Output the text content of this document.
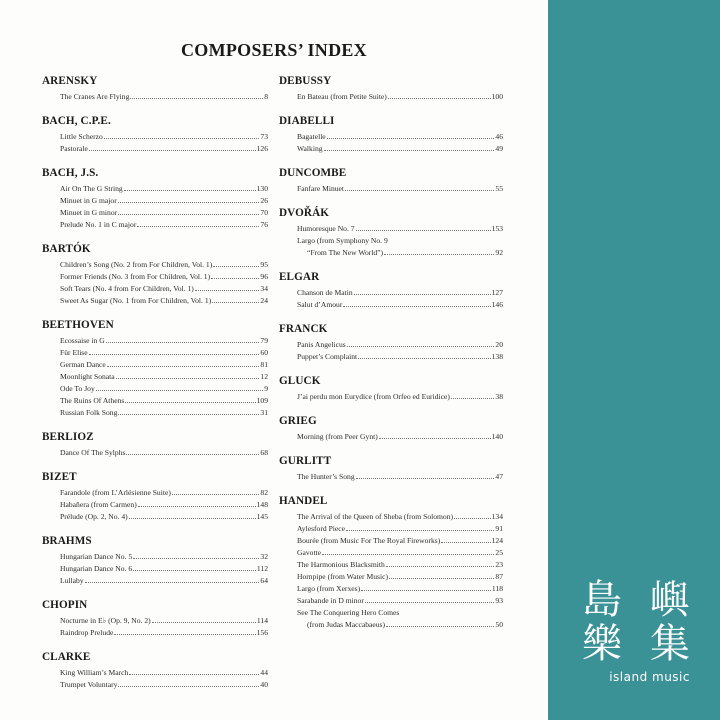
COMPOSERS’ INDEX
ARENSKY
The Cranes Are Flying	8
BACH, C.P.E.
Little Scherzo	73
Pastorale	126
BACH, J.S.
Air On The G String	130
Minuet in G major	26
Minuet in G minor	70
Prelude No. 1 in C major	76
BARTÓK
Children’s Song (No. 2 from For Children, Vol. 1)	95
Former Friends (No. 3 from For Children, Vol. 1)	96
Soft Tears (No. 4 from For Children, Vol. 1)	34
Sweet As Sugar (No. 1 from For Children, Vol. 1)	24
BEETHOVEN
Ecossaise in G	79
Für Elise	60
German Dance	81
Moonlight Sonata	12
Ode To Joy	9
The Ruins Of Athens	109
Russian Folk Song	31
BERLIOZ
Dance Of The Sylphs	68
BIZET
Farandole (from L’Arlésienne Suite)	82
Habañera (from Carmen)	148
Prélude (Op. 2, No. 4)	145
BRAHMS
Hungarian Dance No. 5	32
Hungarian Dance No. 6	112
Lullaby	64
CHOPIN
Nocturne in E♭ (Op. 9, No. 2)	114
Raindrop Prelude	156
CLARKE
King William’s March	44
Trumpet Voluntary	40
DEBUSSY
En Bateau (from Petite Suite)	100
DIABELLI
Bagatelle	46
Walking	49
DUNCOMBE
Fanfare Minuet	55
DVOŘÁK
Humoresque No. 7	153
Largo (from Symphony No. 9
“From The New World”)	92
ELGAR
Chanson de Matin	127
Salut d’Amour	146
FRANCK
Panis Angelicus	20
Puppet’s Complaint	138
GLUCK
J’ai perdu mon Eurydice (from Orfeo ed Euridice)	38
GRIEG
Morning (from Peer Gynt)	140
GURLITT
The Hunter’s Song	47
HANDEL
The Arrival of the Queen of Sheba (from Solomon)	134
Aylesford Piece	91
Bourée (from Music For The Royal Fireworks)	124
Gavotte	25
The Harmonious Blacksmith	23
Hornpipe (from Water Music)	87
Largo (from Xerxes)	118
Sarabande in D minor	93
See The Conquering Hero Comes
(from Judas Maccabaeus)	50
島 嶼
樂 集
island music
